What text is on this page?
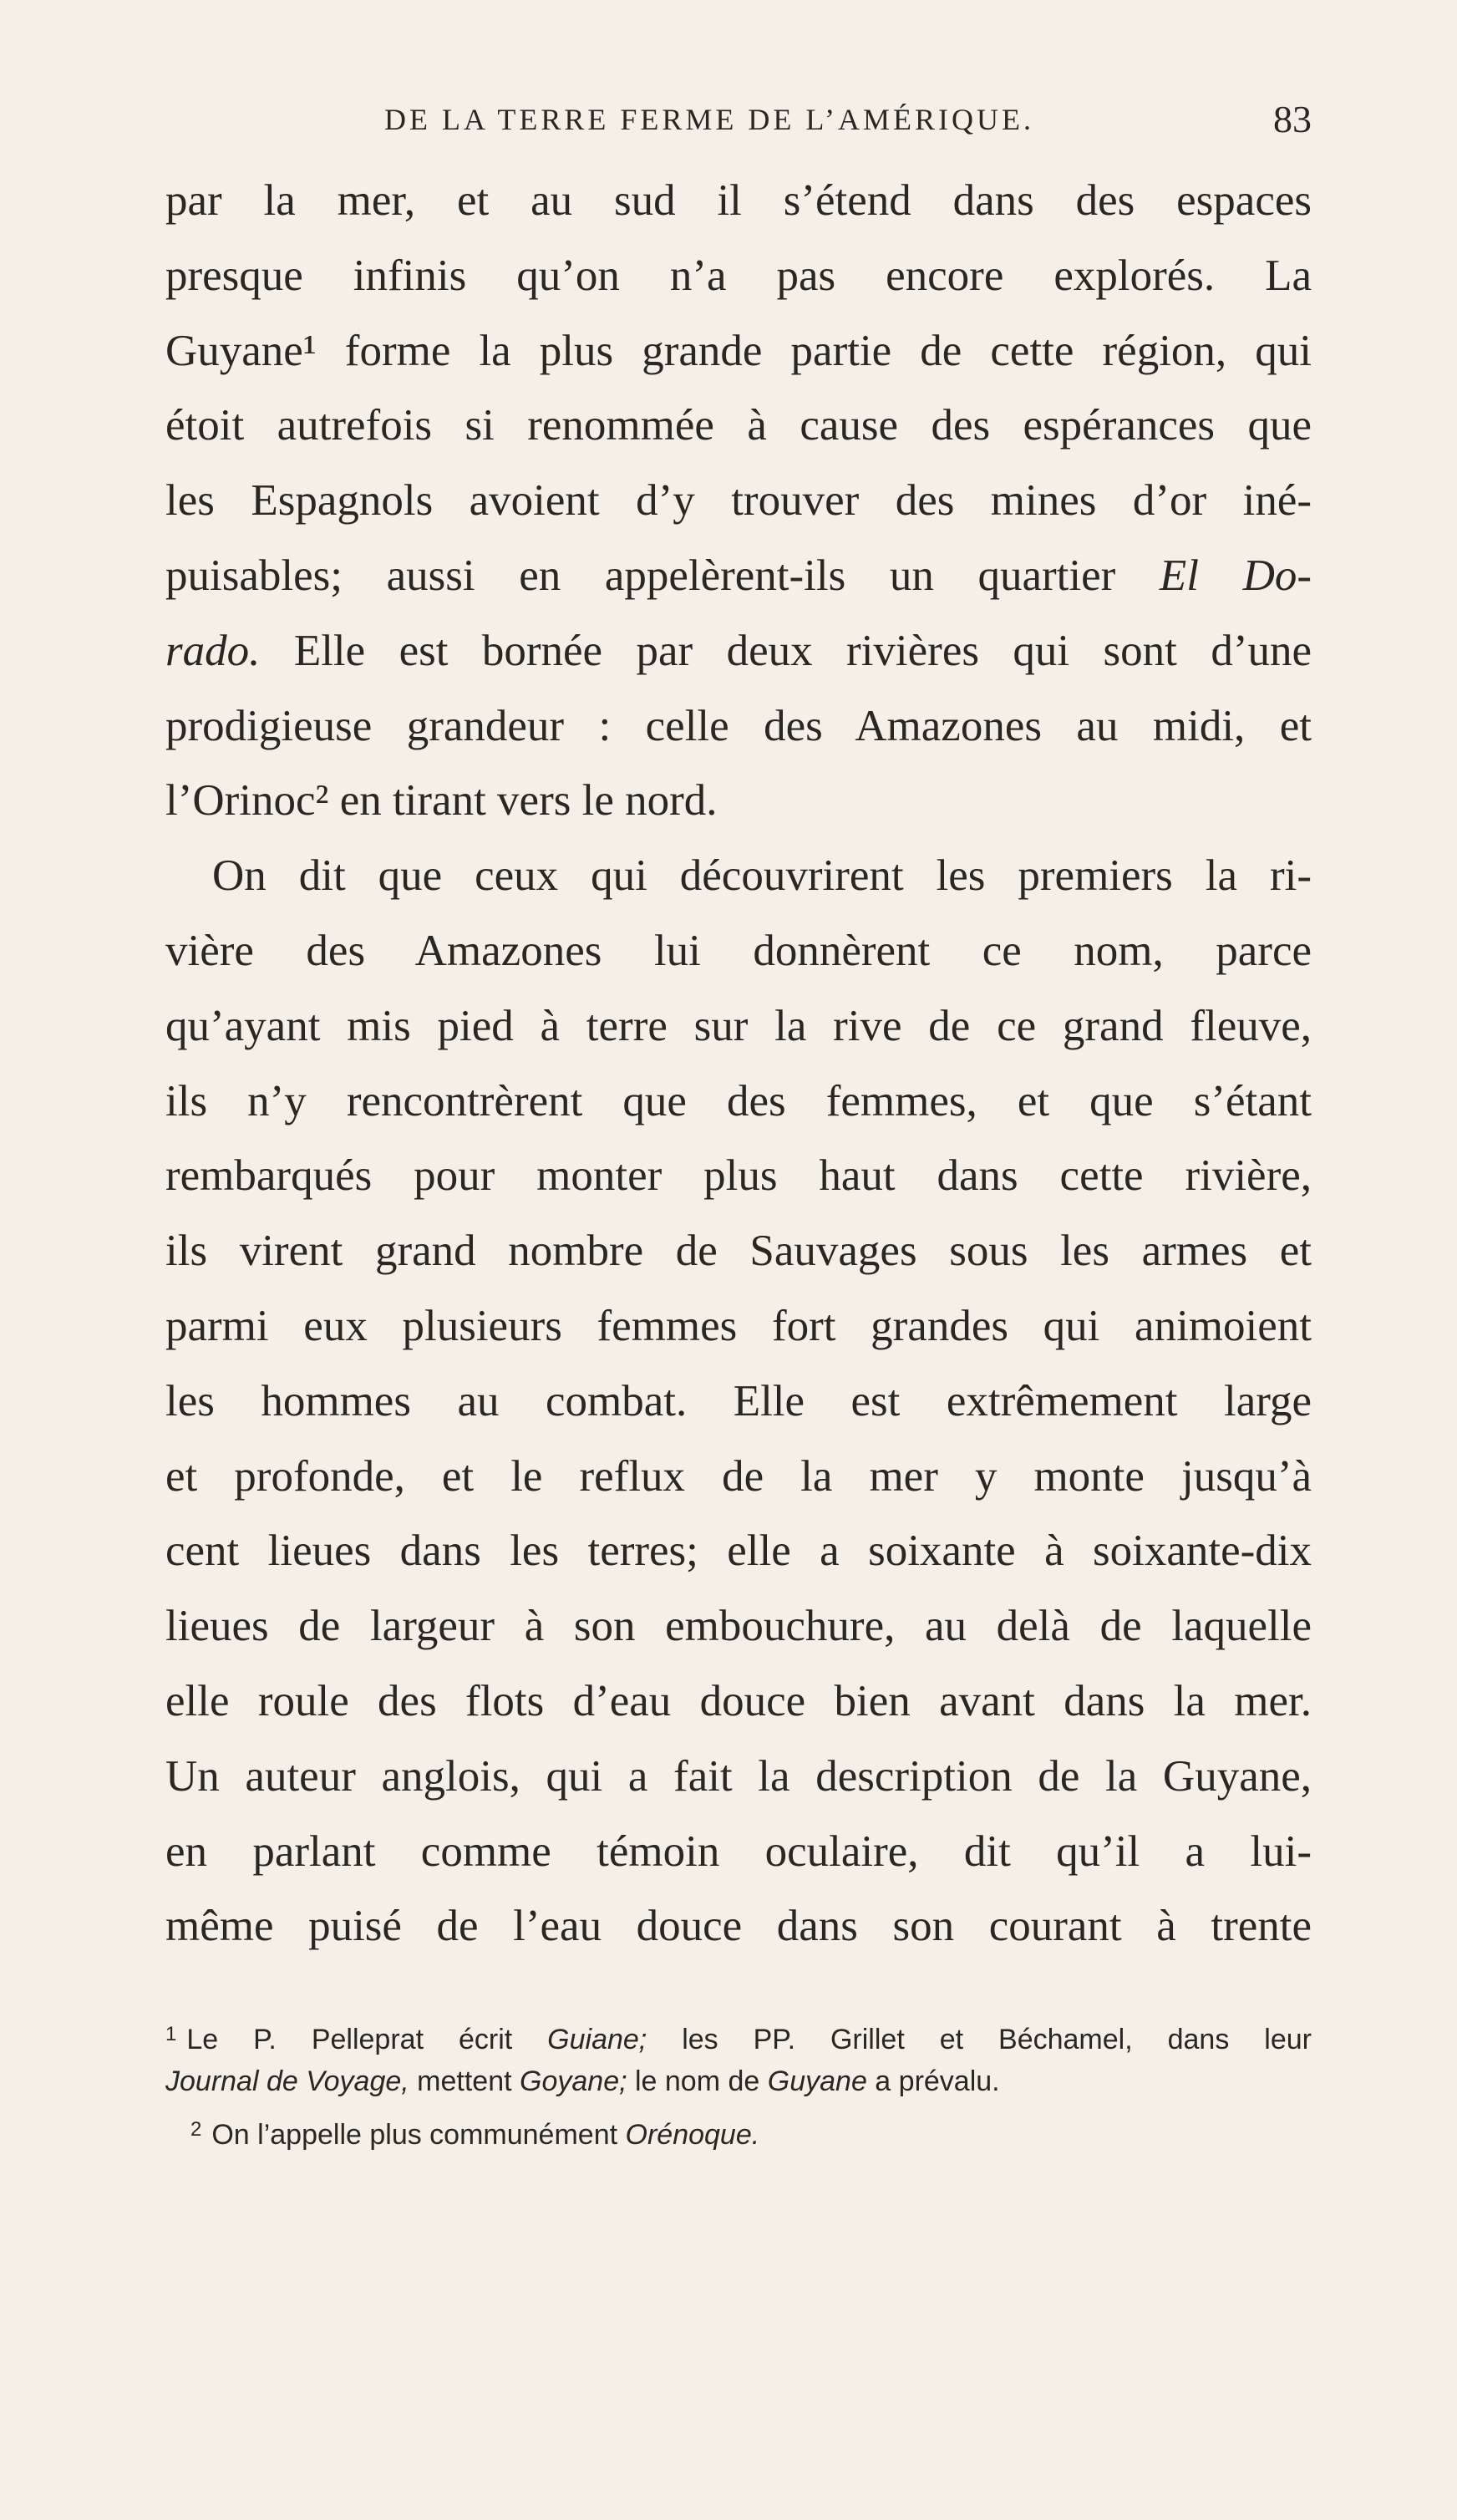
DE LA TERRE FERME DE L’AMÉRIQUE.	83
par la mer, et au sud il s’étend dans des espaces
presque infinis qu’on n’a pas encore explorés. La
Guyane¹ forme la plus grande partie de cette région, qui
étoit autrefois si renommée à cause des espérances que
les Espagnols avoient d’y trouver des mines d’or iné-
puisables; aussi en appelèrent-ils un quartier El Do-
rado. Elle est bornée par deux rivières qui sont d’une
prodigieuse grandeur : celle des Amazones au midi, et
l’Orinoc² en tirant vers le nord.
On dit que ceux qui découvrirent les premiers la ri-
vière des Amazones lui donnèrent ce nom, parce
qu’ayant mis pied à terre sur la rive de ce grand fleuve,
ils n’y rencontrèrent que des femmes, et que s’étant
rembarqués pour monter plus haut dans cette rivière,
ils virent grand nombre de Sauvages sous les armes et
parmi eux plusieurs femmes fort grandes qui animoient
les hommes au combat. Elle est extrêmement large
et profonde, et le reflux de la mer y monte jusqu’à
cent lieues dans les terres; elle a soixante à soixante-dix
lieues de largeur à son embouchure, au delà de laquelle
elle roule des flots d’eau douce bien avant dans la mer.
Un auteur anglois, qui a fait la description de la Guyane,
en parlant comme témoin oculaire, dit qu’il a lui-
même puisé de l’eau douce dans son courant à trente
$^1$ Le P. Pelleprat écrit Guiane; les PP. Grillet et Béchamel, dans leur
Journal de Voyage, mettent Goyane; le nom de Guyane a prévalu.
$^2$ On l’appelle plus communément Orénoque.
